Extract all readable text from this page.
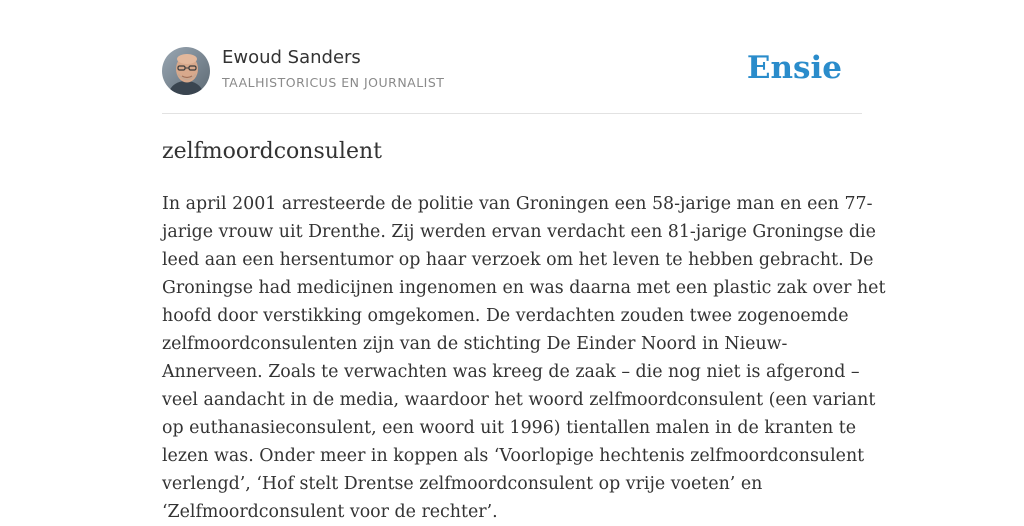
Ewoud Sanders
TAALHISTORICUS EN JOURNALIST	Ensie
zelfmoordconsulent
In april 2001 arresteerde de politie van Groningen een 58-jarige man en een 77-
jarige vrouw uit Drenthe. Zij werden ervan verdacht een 81-jarige Groningse die
leed aan een hersentumor op haar verzoek om het leven te hebben gebracht. De
Groningse had medicijnen ingenomen en was daarna met een plastic zak over het
hoofd door verstikking omgekomen. De verdachten zouden twee zogenoemde
zelfmoordconsulenten zijn van de stichting De Einder Noord in Nieuw-
Annerveen. Zoals te verwachten was kreeg de zaak – die nog niet is afgerond –
veel aandacht in de media, waardoor het woord zelfmoordconsulent (een variant
op euthanasieconsulent, een woord uit 1996) tientallen malen in de kranten te
lezen was. Onder meer in koppen als ‘Voorlopige hechtenis zelfmoordconsulent
verlengd’, ‘Hof stelt Drentse zelfmoordconsulent op vrije voeten’ en
‘Zelfmoordconsulent voor de rechter’.
